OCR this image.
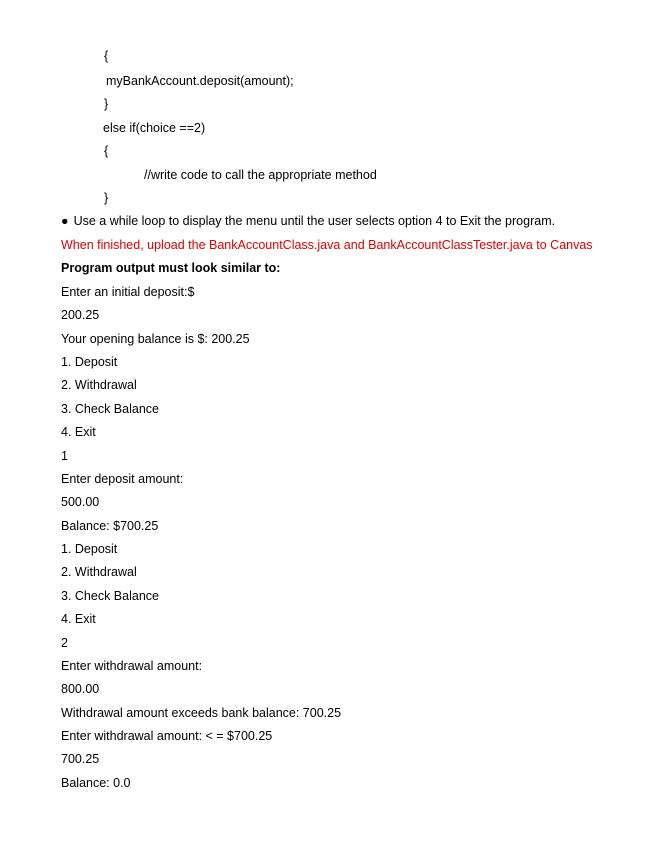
{
myBankAccount.deposit(amount);
}
else if(choice ==2)
{
//write code to call the appropriate method
}
● Use a while loop to display the menu until the user selects option 4 to Exit the program.
When finished, upload the BankAccountClass.java and BankAccountClassTester.java to Canvas
Program output must look similar to:
Enter an initial deposit:$
200.25
Your opening balance is $: 200.25
1. Deposit
2. Withdrawal
3. Check Balance
4. Exit
1
Enter deposit amount:
500.00
Balance: $700.25
1. Deposit
2. Withdrawal
3. Check Balance
4. Exit
2
Enter withdrawal amount:
800.00
Withdrawal amount exceeds bank balance: 700.25
Enter withdrawal amount: < = $700.25
700.25
Balance: 0.0
